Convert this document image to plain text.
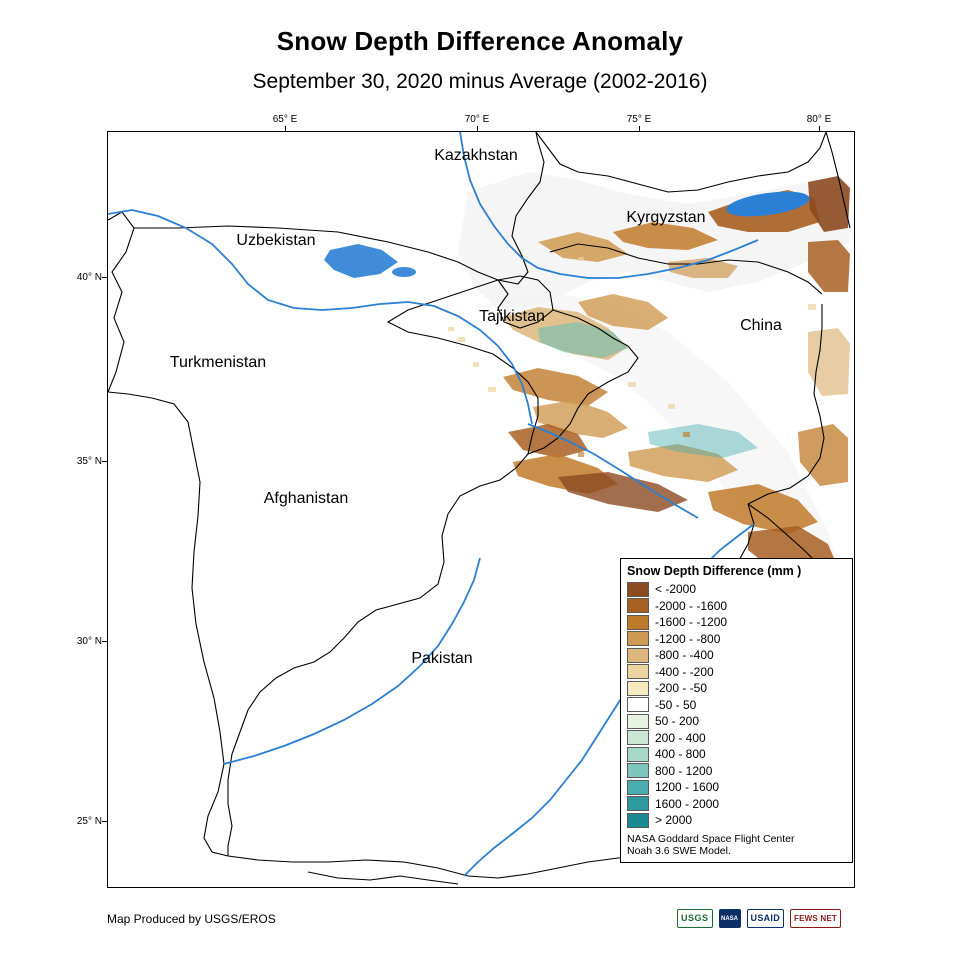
Snow Depth Difference Anomaly
September 30, 2020 minus Average (2002-2016)
65° E	70° E	75° E	80° E
40° N
35° N
30° N
25° N
Kazakhstan
Uzbekistan
Kyrgyzstan
Tajikistan
China
Turkmenistan
Afghanistan
Pakistan
Snow Depth Difference (mm )
< -2000
-2000 - -1600
-1600 - -1200
-1200 - -800
-800 - -400
-400 - -200
-200 - -50
-50 - 50
50 - 200
200 - 400
400 - 800
800 - 1200
1200 - 1600
1600 - 2000
> 2000
NASA Goddard Space Flight Center
Noah 3.6 SWE Model.
Map Produced by USGS/EROS	USGS	NASA	USAID	FEWS NET
